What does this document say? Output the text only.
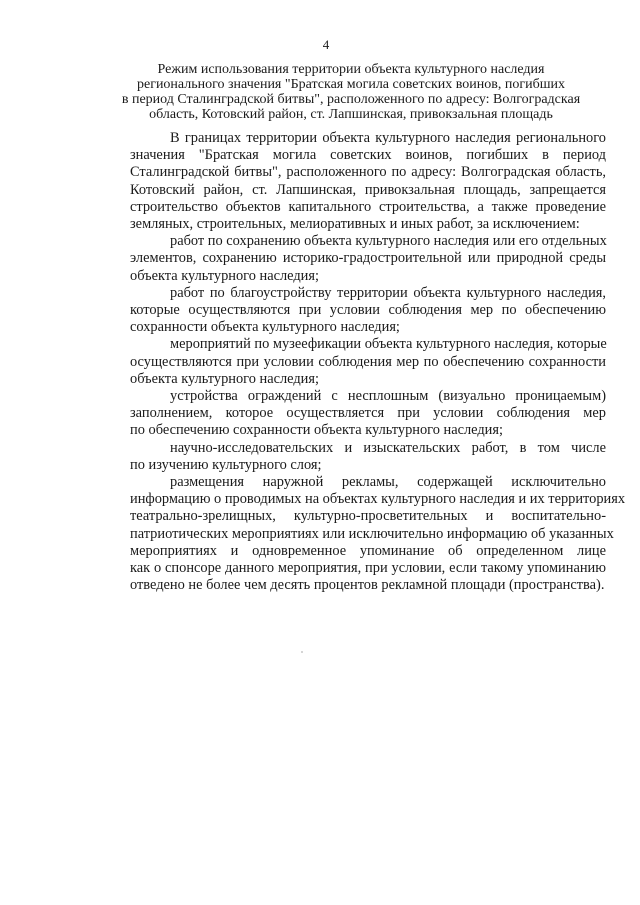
4
Режим использования территории объекта культурного наследия
регионального значения "Братская могила советских воинов, погибших
в период Сталинградской битвы", расположенного по адресу: Волгоградская
область, Котовский район, ст. Лапшинская, привокзальная площадь

В границах территории объекта культурного наследия регионального
значения "Братская могила советских воинов, погибших в период
Сталинградской битвы", расположенного по адресу: Волгоградская область,
Котовский район, ст. Лапшинская, привокзальная площадь, запрещается
строительство объектов капитального строительства, а также проведение
земляных, строительных, мелиоративных и иных работ, за исключением:

работ по сохранению объекта культурного наследия или его отдельных
элементов, сохранению историко-градостроительной или природной среды
объекта культурного наследия;

работ по благоустройству территории объекта культурного наследия,
которые осуществляются при условии соблюдения мер по обеспечению
сохранности объекта культурного наследия;

мероприятий по музеефикации объекта культурного наследия, которые
осуществляются при условии соблюдения мер по обеспечению сохранности
объекта культурного наследия;

устройства ограждений с несплошным (визуально проницаемым)
заполнением, которое осуществляется при условии соблюдения мер
по обеспечению сохранности объекта культурного наследия;

научно-исследовательских и изыскательских работ, в том числе
по изучению культурного слоя;

размещения наружной рекламы, содержащей исключительно
информацию о проводимых на объектах культурного наследия и их территориях
театрально-зрелищных, культурно-просветительных и воспитательно-
патриотических мероприятиях или исключительно информацию об указанных
мероприятиях и одновременное упоминание об определенном лице
как о спонсоре данного мероприятия, при условии, если такому упоминанию
отведено не более чем десять процентов рекламной площади (пространства).
